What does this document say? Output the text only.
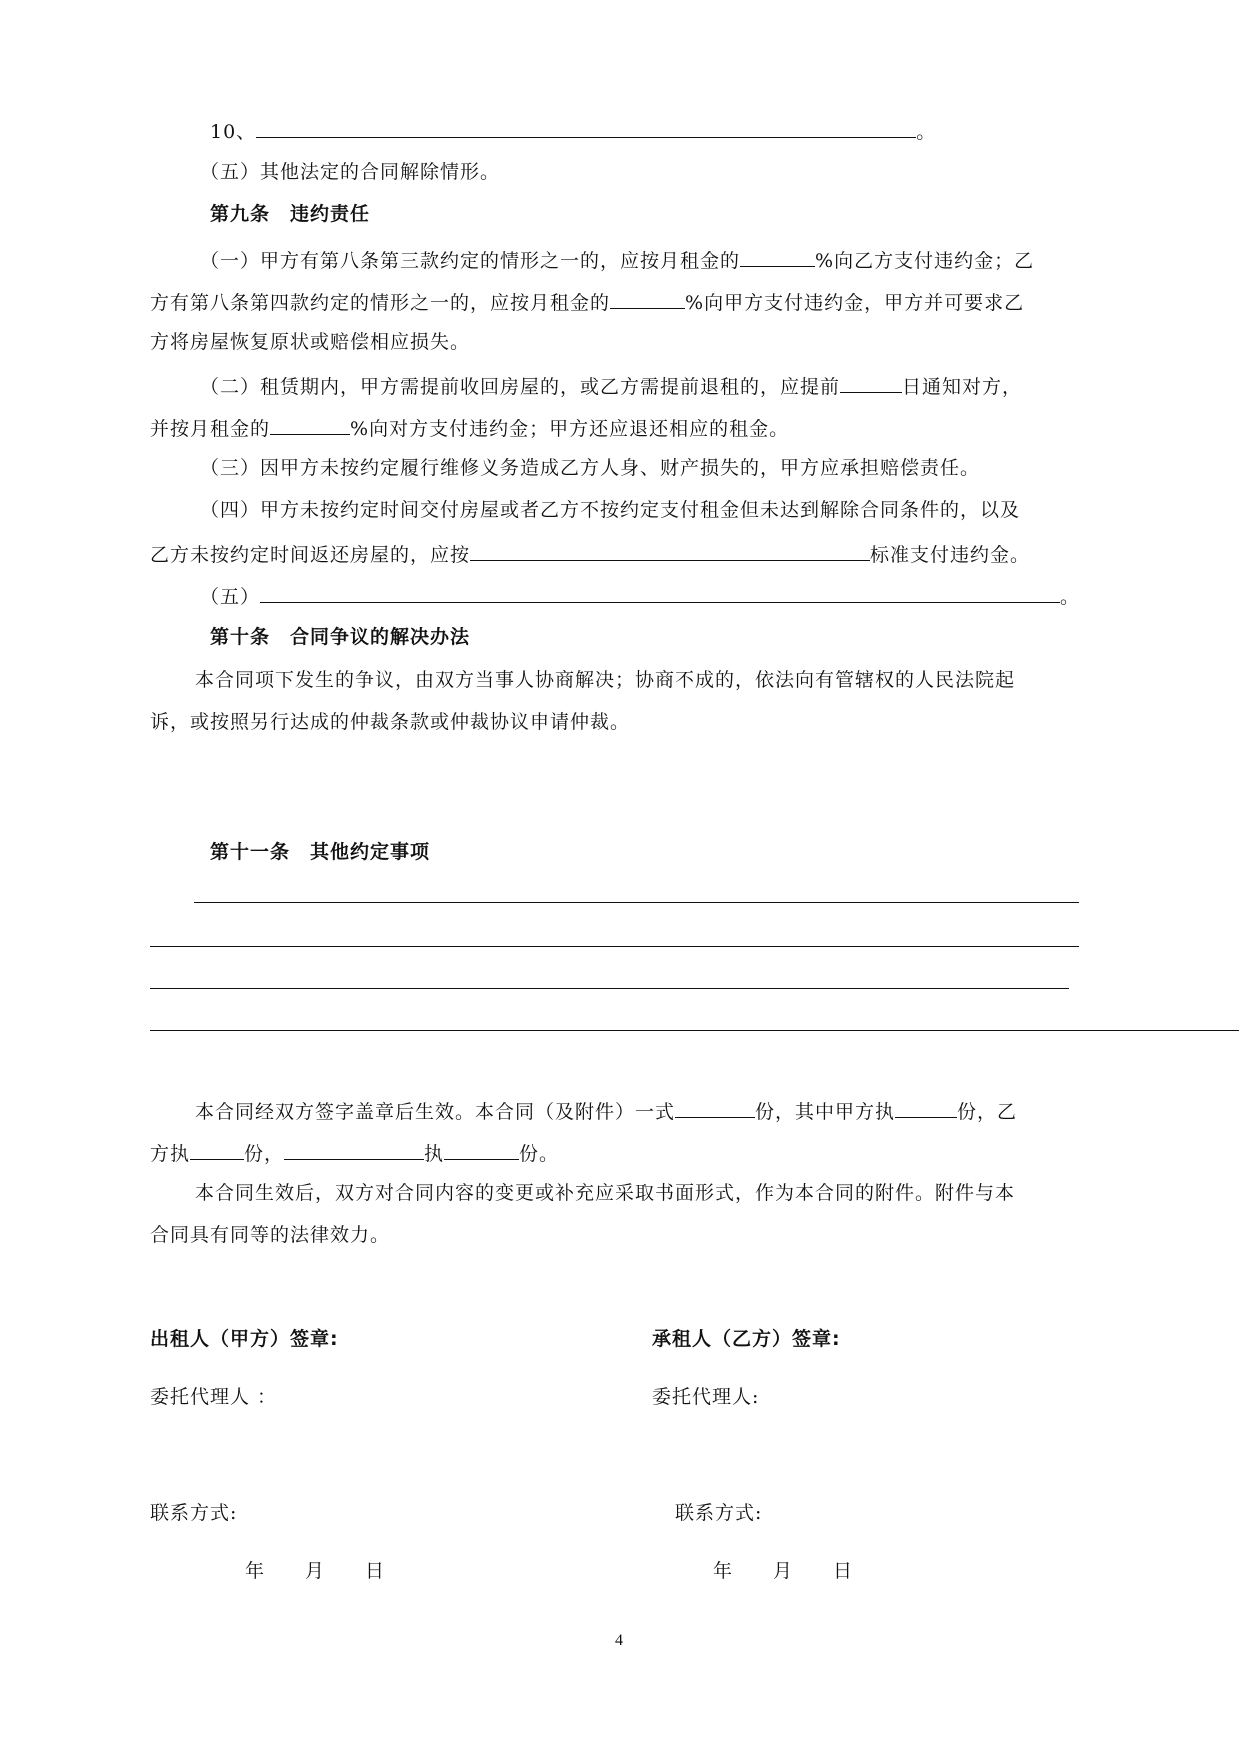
10、	。
（五）其他法定的合同解除情形。
第九条　违约责任
（一）甲方有第八条第三款约定的情形之一的，应按月租金的	%向乙方支付违约金；乙
方有第八条第四款约定的情形之一的，应按月租金的	%向甲方支付违约金，甲方并可要求乙
方将房屋恢复原状或赔偿相应损失。
（二）租赁期内，甲方需提前收回房屋的，或乙方需提前退租的，应提前	日通知对方，
并按月租金的	%向对方支付违约金；甲方还应退还相应的租金。
（三）因甲方未按约定履行维修义务造成乙方人身、财产损失的，甲方应承担赔偿责任。
（四）甲方未按约定时间交付房屋或者乙方不按约定支付租金但未达到解除合同条件的，以及
乙方未按约定时间返还房屋的，应按	标准支付违约金。
（五）	。
第十条　合同争议的解决办法
本合同项下发生的争议，由双方当事人协商解决；协商不成的，依法向有管辖权的人民法院起
诉，或按照另行达成的仲裁条款或仲裁协议申请仲裁。
第十一条　其他约定事项
本合同经双方签字盖章后生效。本合同（及附件）一式	份，其中甲方执	份，乙
方执	份，	执	份。
本合同生效后，双方对合同内容的变更或补充应采取书面形式，作为本合同的附件。附件与本
合同具有同等的法律效力。
出租人（甲方）签章:
委托代理人 ：
联系方式:
年　　月　　日
承租人（乙方）签章:
委托代理人:
联系方式:
年　　月　　日
4
